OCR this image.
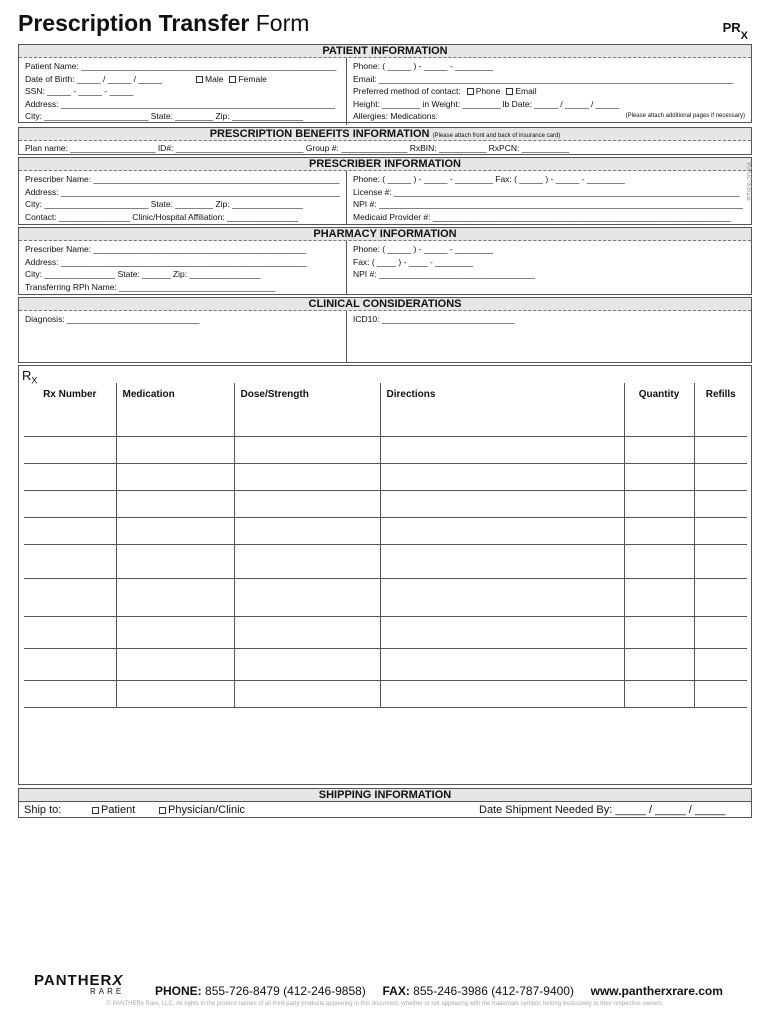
Prescription Transfer Form	$PR_X$
PATIENT INFORMATION
Patient Name: ______________________________________________________
Date of Birth: _____ / _____ / _____	Male Female
SSN: _____ - _____ - _____
Address: __________________________________________________________
City: ______________________ State: ________ Zip: _______________
Phone: ( _____ ) - _____ - ________
Email: ___________________________________________________________________________
Preferred method of contact: Phone Email
Height: ________ in Weight: ________ lb Date: _____ / _____ / _____
Allergies: Medications:	(Please attach additional pages if necessary)
PRESCRIPTION BENEFITS INFORMATION (Please attach front and back of insurance card)
Plan name: __________________ ID#: ___________________________ Group #: ______________ RxBIN: __________ RxPCN: __________
PRESCRIBER INFORMATION
Prescriber Name: ____________________________________________________
Address: ___________________________________________________________
City: ______________________ State: ________ Zip: _______________
Contact: _______________ Clinic/Hospital Affiliation: _______________
Phone: ( _____ ) - _____ - ________ Fax: ( _____ ) - _____ - ________
License #: _________________________________________________________________________
NPI #: _____________________________________________________________________________
Medicaid Provider #: _______________________________________________________________
PTRX-20-04
PHARMACY INFORMATION
Prescriber Name: _____________________________________________
Address: ____________________________________________________
City: _______________ State: ______ Zip: _______________
Transferring RPh Name: _________________________________
Phone: ( _____ ) - _____ - ________
Fax: ( ____ ) - ____ - ________
NPI #: _________________________________
CLINICAL CONSIDERATIONS
Diagnosis: ____________________________	ICD10: ____________________________
$R_X$
Rx Number	Medication	Dose/Strength	Directions	Quantity	Refills

SHIPPING INFORMATION
Ship to:	Patient	Physician/Clinic	Date Shipment Needed By: _____ / _____ / _____
PANTHERX
RARE	PHONE: 855-726-8479 (412-246-9858) FAX: 855-246-3986 (412-787-9400) www.pantherxrare.com
© PANTHERx Rare, LLC. All rights in the product names of all third-party products appearing in this document, whether or not appearing with the trademark symbol, belong exclusively to their respective owners.
